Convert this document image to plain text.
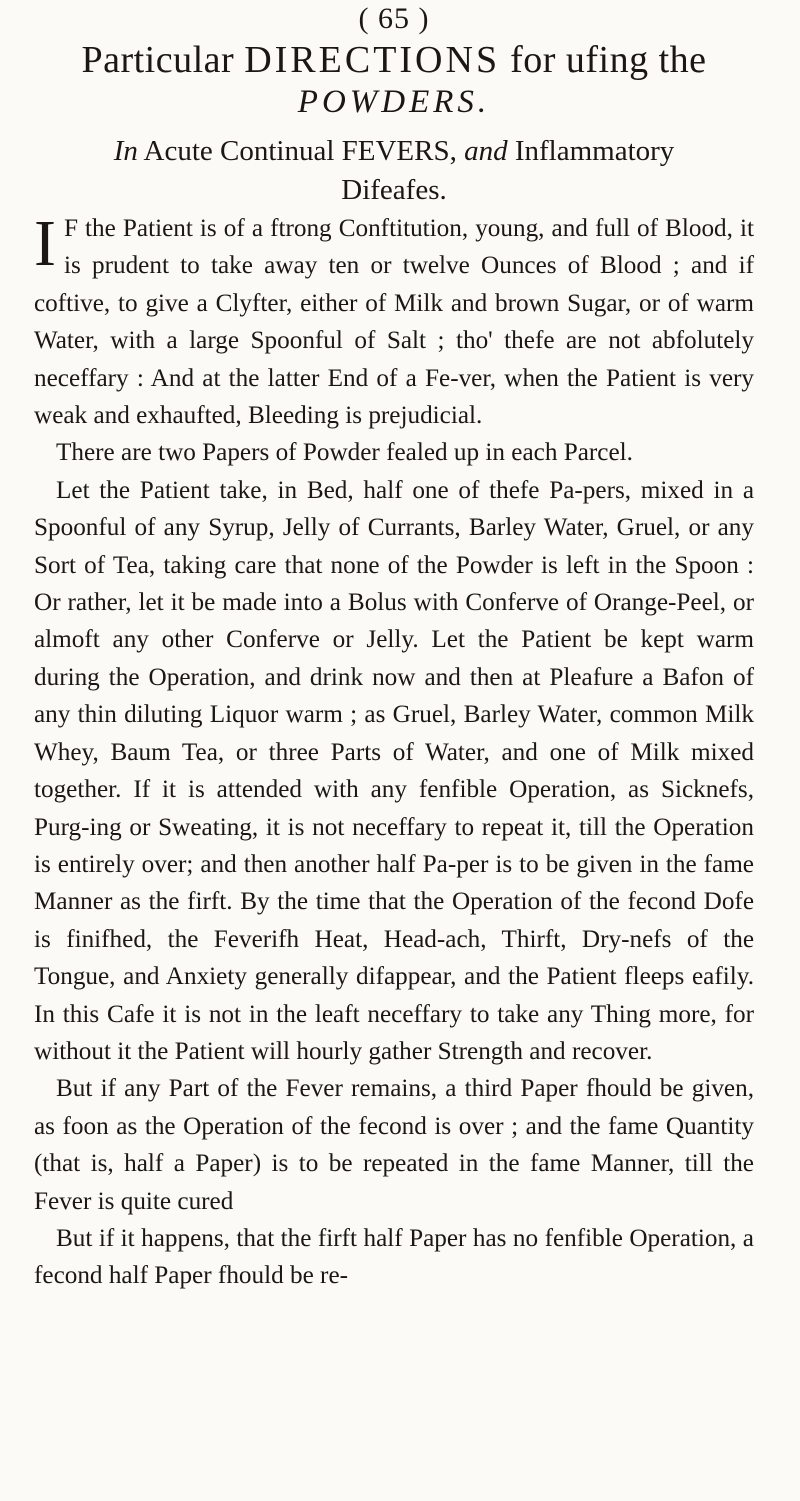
( 65 )
Particular DIRECTIONS for ufing the
POWDERS.
In Acute Continual FEVERS, and Inflammatory
Difeafes.

I F the Patient is of a ftrong Conftitution, young, and full of Blood, it is prudent to take away ten or twelve Ounces of Blood ; and if coftive, to give a Clyfter, either of Milk and brown Sugar, or of warm Water, with a large Spoonful of Salt ; tho' thefe are not abfolutely neceffary : And at the latter End of a Fe-ver, when the Patient is very weak and exhaufted, Bleeding is prejudicial.

There are two Papers of Powder fealed up in each Parcel.

Let the Patient take, in Bed, half one of thefe Pa-pers, mixed in a Spoonful of any Syrup, Jelly of Currants, Barley Water, Gruel, or any Sort of Tea, taking care that none of the Powder is left in the Spoon : Or rather, let it be made into a Bolus with Conferve of Orange-Peel, or almoft any other Conferve or Jelly. Let the Patient be kept warm during the Operation, and drink now and then at Pleafure a Bafon of any thin diluting Liquor warm ; as Gruel, Barley Water, common Milk Whey, Baum Tea, or three Parts of Water, and one of Milk mixed together. If it is attended with any fenfible Operation, as Sicknefs, Purg-ing or Sweating, it is not neceffary to repeat it, till the Operation is entirely over; and then another half Pa-per is to be given in the fame Manner as the firft. By the time that the Operation of the fecond Dofe is finifhed, the Feverifh Heat, Head-ach, Thirft, Dry-nefs of the Tongue, and Anxiety generally difappear, and the Patient fleeps eafily. In this Cafe it is not in the leaft neceffary to take any Thing more, for without it the Patient will hourly gather Strength and recover.

But if any Part of the Fever remains, a third Paper fhould be given, as foon as the Operation of the fecond is over ; and the fame Quantity (that is, half a Paper) is to be repeated in the fame Manner, till the Fever is quite cured

But if it happens, that the firft half Paper has no fenfible Operation, a fecond half Paper fhould be re-
